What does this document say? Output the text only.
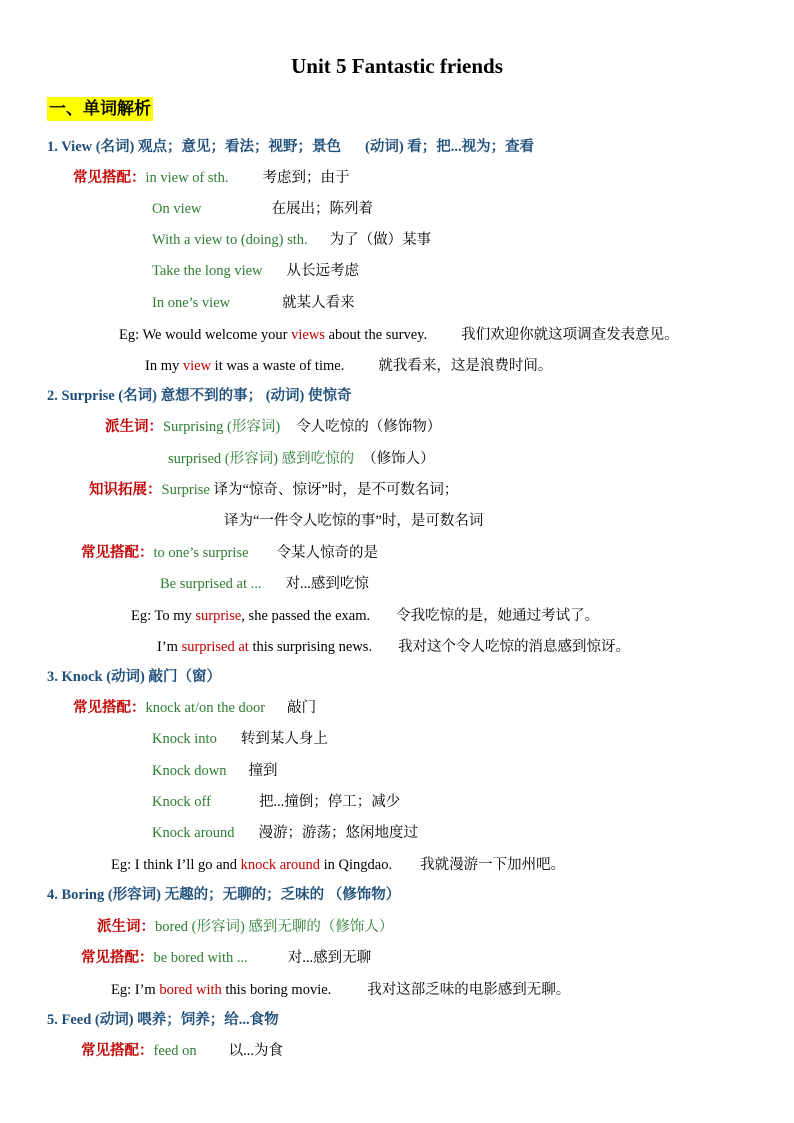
Unit 5 Fantastic friends
一、单词解析
1. View (名词) 观点；意见；看法；视野；景色 (动词) 看；把...视为；查看
常见搭配：in view of sth. 考虑到；由于
On view	在展出；陈列着
With a view to (doing) sth. 为了（做）某事
Take the long view 从长远考虑
In one’s view	就某人看来
Eg: We would welcome your views about the survey. 我们欢迎你就这项调查发表意见。
In my view it was a waste of time. 就我看来，这是浪费时间。
2. Surprise (名词) 意想不到的事； (动词) 使惊奇
派生词：Surprising (形容词) 令人吃惊的（修饰物）
surprised (形容词) 感到吃惊的 （修饰人）
知识拓展：Surprise 译为“惊奇、惊讶”时，是不可数名词；
译为“一件令人吃惊的事”时，是可数名词
常见搭配：to one’s surprise 令某人惊奇的是
Be surprised at ... 对...感到吃惊
Eg: To my surprise, she passed the exam. 令我吃惊的是，她通过考试了。
I’m surprised at this surprising news. 我对这个令人吃惊的消息感到惊讶。
3. Knock (动词) 敲门（窗）
常见搭配：knock at/on the door 敲门
Knock into 转到某人身上
Knock down 撞到
Knock off	把...撞倒；停工；减少
Knock around 漫游；游荡；悠闲地度过
Eg: I think I’ll go and knock around in Qingdao. 我就漫游一下加州吧。
4. Boring (形容词) 无趣的；无聊的；乏味的 （修饰物）
派生词：bored (形容词) 感到无聊的（修饰人）
常见搭配：be bored with ...	对...感到无聊
Eg: I’m bored with this boring movie. 我对这部乏味的电影感到无聊。
5. Feed (动词) 喂养；饲养；给...食物
常见搭配：feed on 以...为食
